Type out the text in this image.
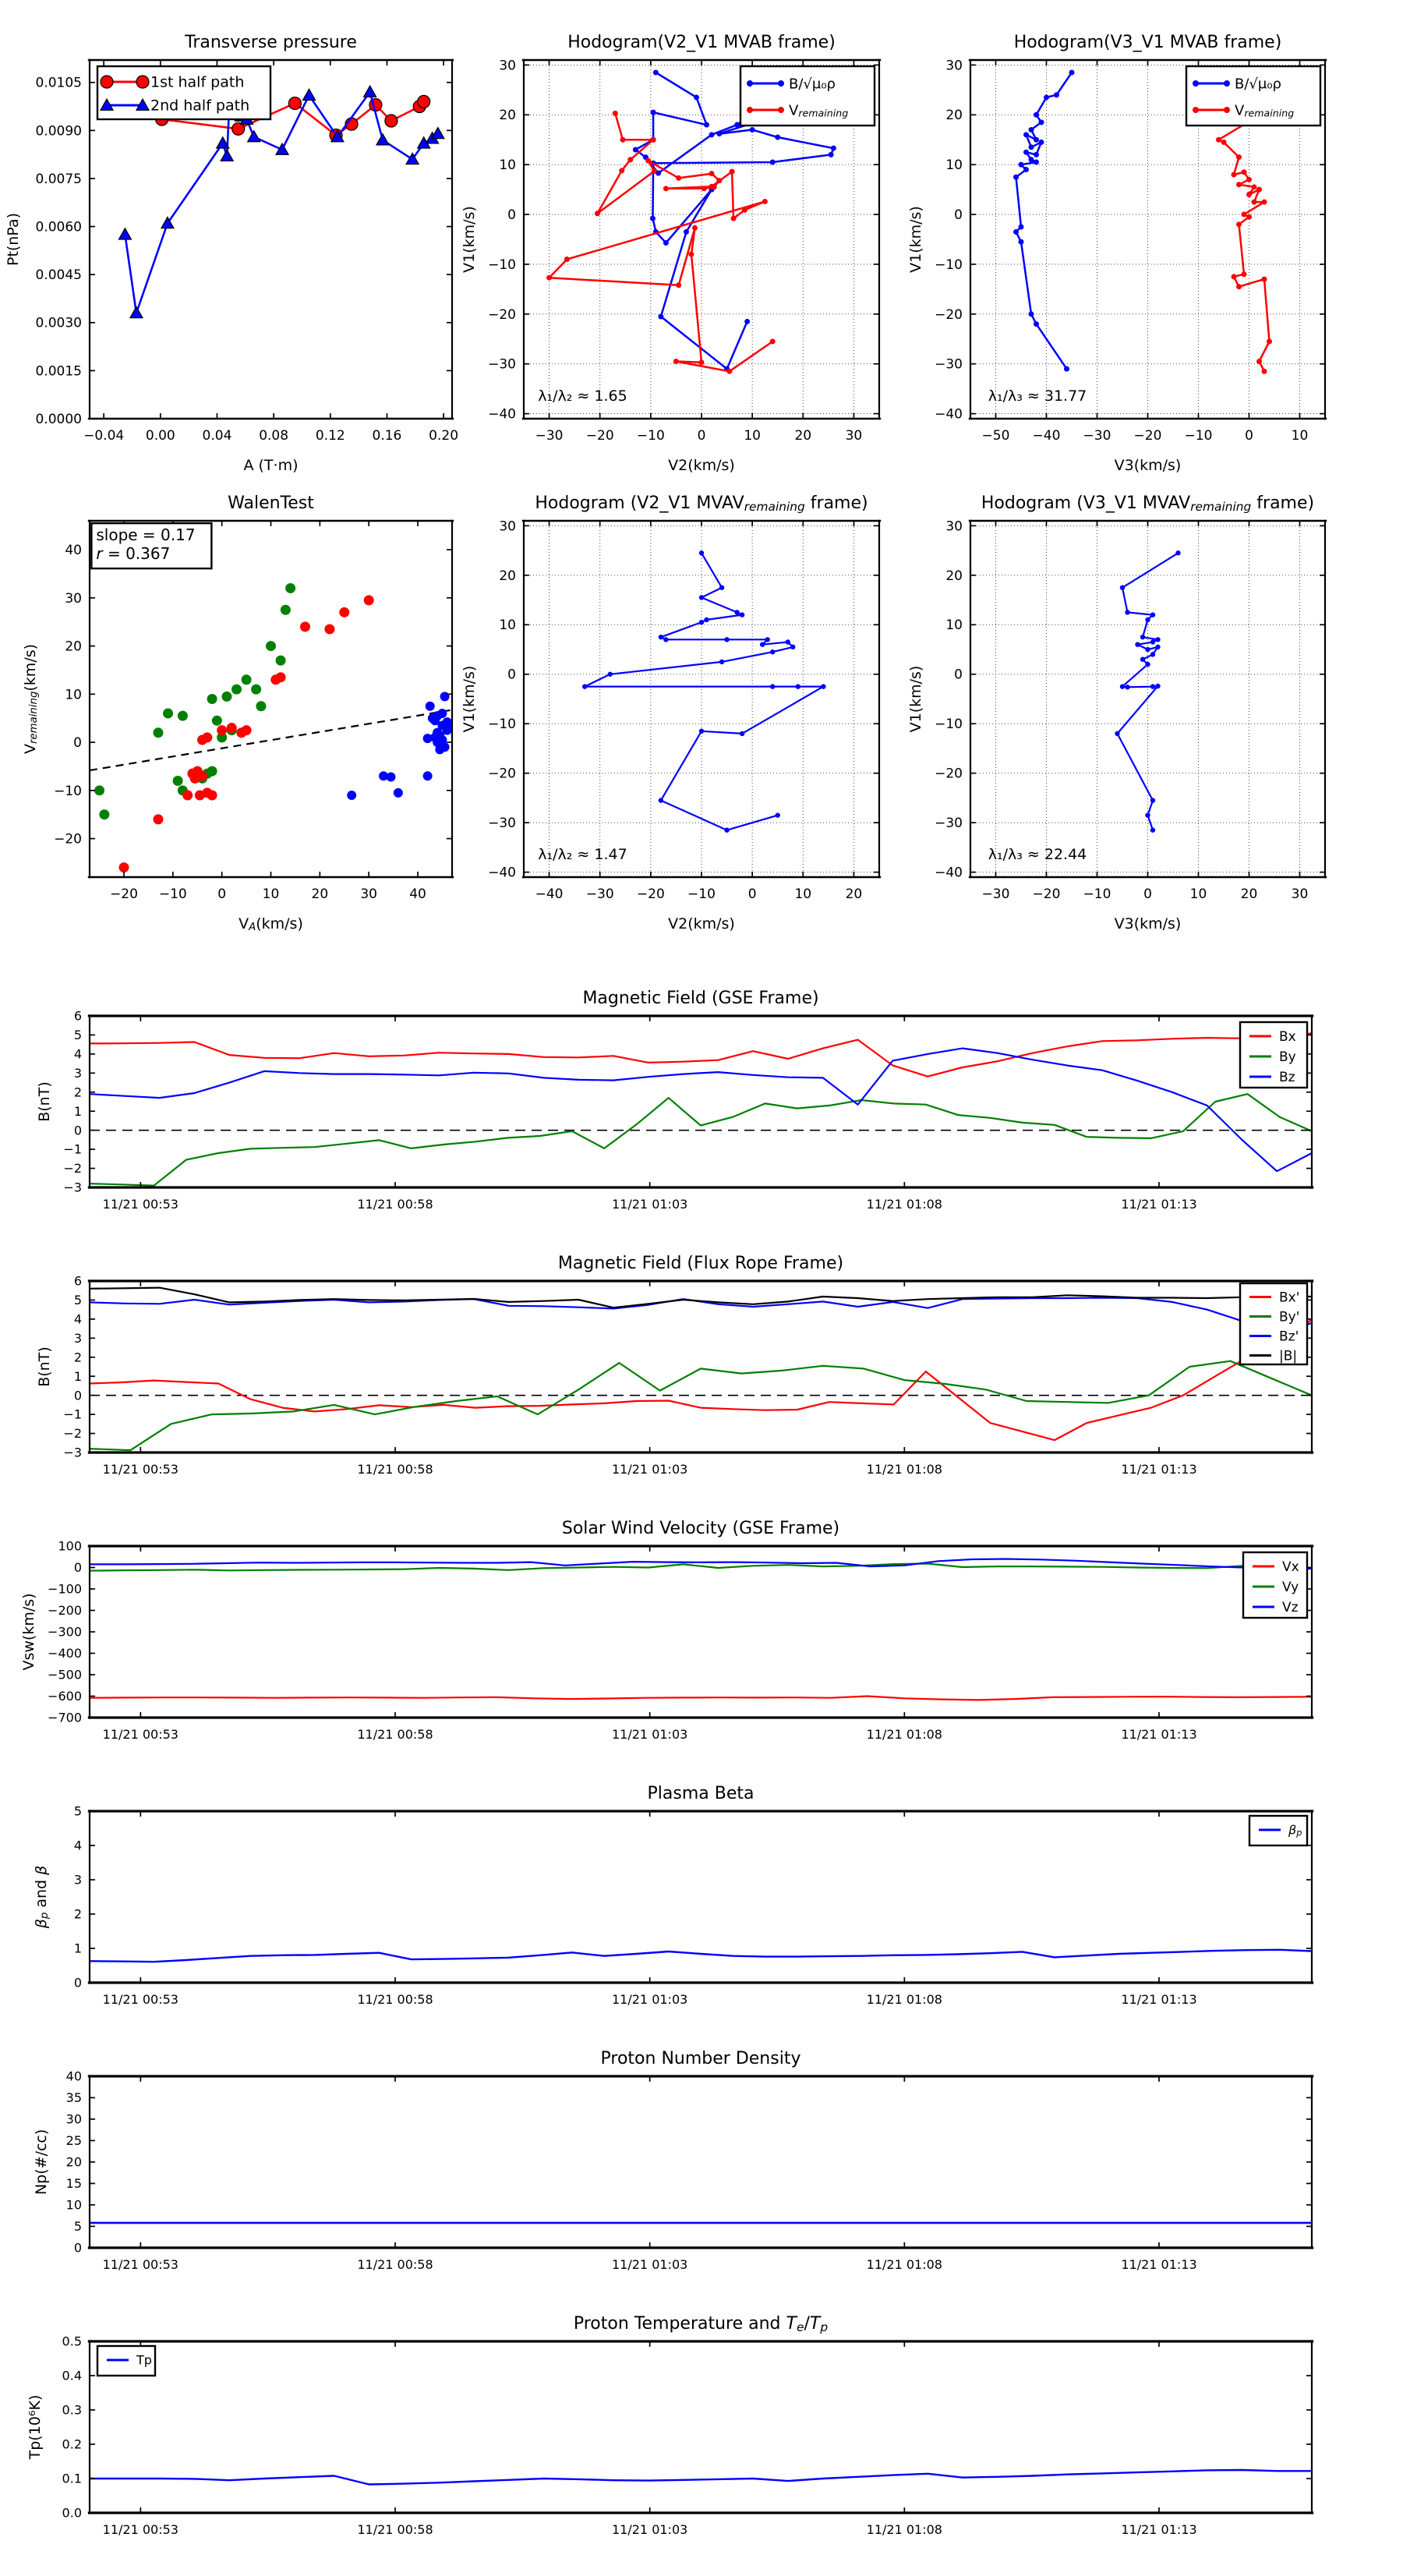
−0.04 0.00 0.04 0.08 0.12 0.16 0.20
0.0105
0.0090
0.0075
0.0060
0.0045
0.0030
0.0015
0.0000
Transverse pressure
A (T·m)
Pt(nPa)
1st half path
2nd half path
−30 −20 −10 0	10	20	30
30
20
10
0
−10
−20
−30
−40
Hodogram(V2_V1 MVAB frame)
V2(km/s)
V1(km/s)
B/√μ₀ρ
Vremaining
λ₁/λ₂ ≈ 1.65
−50 −40 −30 −20 −10 0	10
30
20
10
0
−10
−20
−30
−40
Hodogram(V3_V1 MVAB frame)
V3(km/s)
V1(km/s)
B/√μ₀ρ
Vremaining
λ₁/λ₃ ≈ 31.77
−20 −10 0	10 20 30 40
40
30
20
10
0
−10
−20
WalenTest
VA(km/s)
Vremaining(km/s)
slope = 0.17
r = 0.367
−40 −30 −20 −10 0	10	20
30
20
10
0
−10
−20
−30
−40
Hodogram (V2_V1 MVAVremaining frame)
V2(km/s)
V1(km/s)
λ₁/λ₂ ≈ 1.47
−30 −20 −10 0	10	20	30
30
20
10
0
−10
−20
−30
−40
Hodogram (V3_V1 MVAVremaining frame)
V3(km/s)
V1(km/s)
λ₁/λ₃ ≈ 22.44
11/21 00:53	11/21 00:58	11/21 01:03	11/21 01:08	11/21 01:13
6
5
4
3
2
1
0
−1
−2
−3
Magnetic Field (GSE Frame)
B(nT)
Bx
By
Bz
11/21 00:53	11/21 00:58	11/21 01:03	11/21 01:08	11/21 01:13
6
5
4
3
2
1
0
−1
−2
−3
Magnetic Field (Flux Rope Frame)
B(nT)
Bx'
By'
Bz'
|B|
11/21 00:53	11/21 00:58	11/21 01:03	11/21 01:08	11/21 01:13
100
0
−100
−200
−300
−400
−500
−600
−700
Solar Wind Velocity (GSE Frame)
Vsw(km/s)
Vx
Vy
Vz
11/21 00:53	11/21 00:58	11/21 01:03	11/21 01:08	11/21 01:13
5
4
3
2
1
0
Plasma Beta
βp and β
βp
11/21 00:53	11/21 00:58	11/21 01:03	11/21 01:08	11/21 01:13
40
35
30
25
20
15
10
5
0
Proton Number Density
Np(#/cc)
11/21 00:53	11/21 00:58	11/21 01:03	11/21 01:08	11/21 01:13
0.5
0.4
0.3
0.2
0.1
0.0
Proton Temperature and Te/Tp
Tp(10⁶K)
Tp
